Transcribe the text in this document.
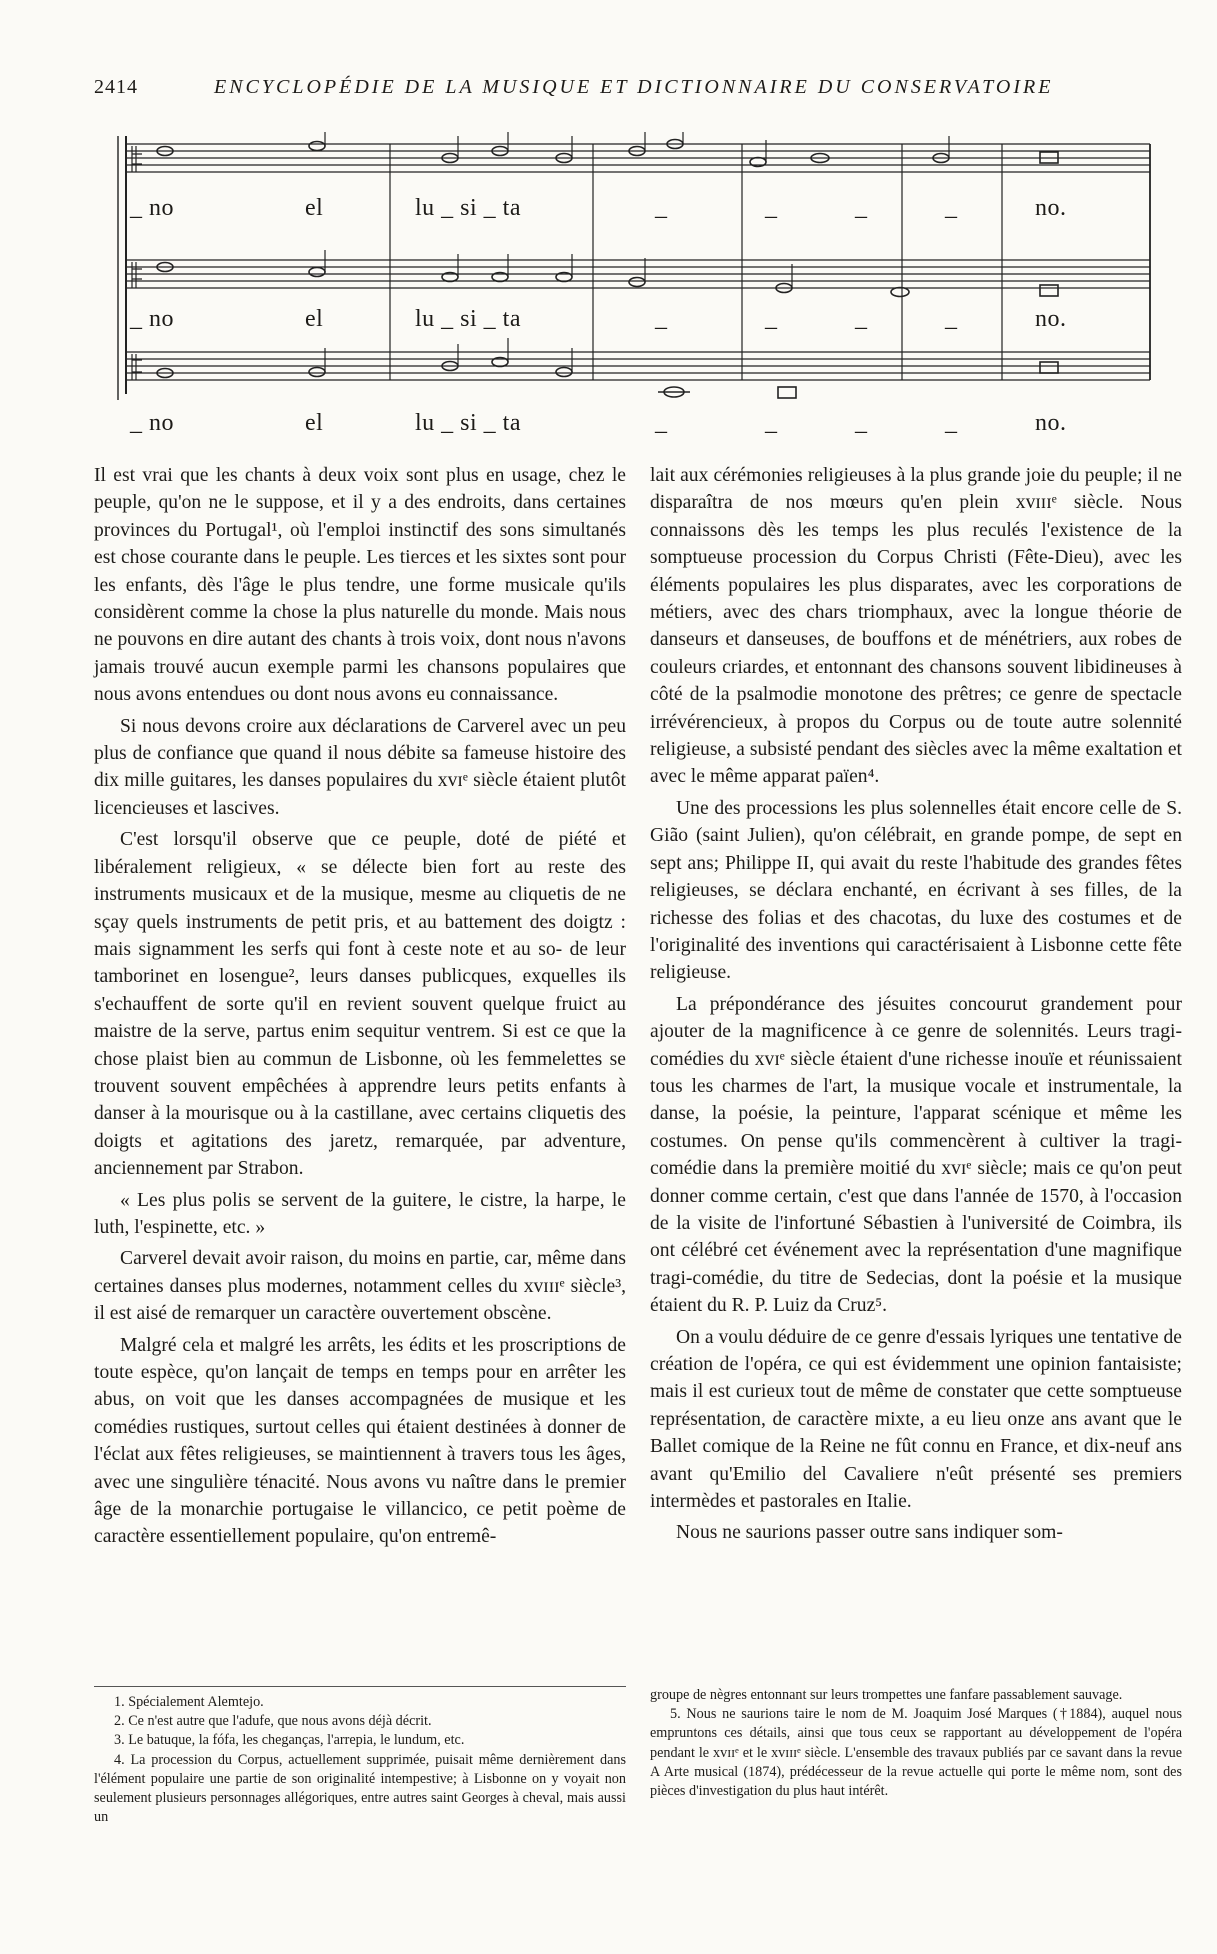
2414	ENCYCLOPÉDIE DE LA MUSIQUE ET DICTIONNAIRE DU CONSERVATOIRE
_ no	el	lu _ si _ ta	_	_	_	_	no.
_ no	el	lu _ si _ ta	_	_	_	_	no.
_ no	el	lu _ si _ ta	_	_	_	_	no.

Il est vrai que les chants à deux voix sont plus en usage, chez le peuple, qu'on ne le suppose, et il y a des endroits, dans certaines provinces du Portugal¹, où l'emploi instinctif des sons simultanés est chose courante dans le peuple. Les tierces et les sixtes sont pour les enfants, dès l'âge le plus tendre, une forme musicale qu'ils considèrent comme la chose la plus naturelle du monde. Mais nous ne pouvons en dire autant des chants à trois voix, dont nous n'avons jamais trouvé aucun exemple parmi les chansons populaires que nous avons entendues ou dont nous avons eu connaissance.

Si nous devons croire aux déclarations de Carverel avec un peu plus de confiance que quand il nous débite sa fameuse histoire des dix mille guitares, les danses populaires du xvɪᵉ siècle étaient plutôt licencieuses et lascives.

C'est lorsqu'il observe que ce peuple, doté de piété et libéralement religieux, « se délecte bien fort au reste des instruments musicaux et de la musique, mesme au cliquetis de ne sçay quels instruments de petit pris, et au battement des doigtz : mais signamment les serfs qui font à ceste note et au so- de leur tamborinet en losengue², leurs danses publicques, exquelles ils s'echauffent de sorte qu'il en revient souvent quelque fruict au maistre de la serve, partus enim sequitur ventrem. Si est ce que la chose plaist bien au commun de Lisbonne, où les femmelettes se trouvent souvent empêchées à apprendre leurs petits enfants à danser à la mourisque ou à la castillane, avec certains cliquetis des doigts et agitations des jaretz, remarquée, par adventure, anciennement par Strabon.

« Les plus polis se servent de la guitere, le cistre, la harpe, le luth, l'espinette, etc. »

Carverel devait avoir raison, du moins en partie, car, même dans certaines danses plus modernes, notamment celles du xvɪɪɪᵉ siècle³, il est aisé de remarquer un caractère ouvertement obscène.

Malgré cela et malgré les arrêts, les édits et les proscriptions de toute espèce, qu'on lançait de temps en temps pour en arrêter les abus, on voit que les danses accompagnées de musique et les comédies rustiques, surtout celles qui étaient destinées à donner de l'éclat aux fêtes religieuses, se maintiennent à travers tous les âges, avec une singulière ténacité. Nous avons vu naître dans le premier âge de la monarchie portugaise le villancico, ce petit poème de caractère essentiellement populaire, qu'on entremê-

lait aux cérémonies religieuses à la plus grande joie du peuple; il ne disparaîtra de nos mœurs qu'en plein xvɪɪɪᵉ siècle. Nous connaissons dès les temps les plus reculés l'existence de la somptueuse procession du Corpus Christi (Fête-Dieu), avec les éléments populaires les plus disparates, avec les corporations de métiers, avec des chars triomphaux, avec la longue théorie de danseurs et danseuses, de bouffons et de ménétriers, aux robes de couleurs criardes, et entonnant des chansons souvent libidineuses à côté de la psalmodie monotone des prêtres; ce genre de spectacle irrévérencieux, à propos du Corpus ou de toute autre solennité religieuse, a subsisté pendant des siècles avec la même exaltation et avec le même apparat païen⁴.

Une des processions les plus solennelles était encore celle de S. Gião (saint Julien), qu'on célébrait, en grande pompe, de sept en sept ans; Philippe II, qui avait du reste l'habitude des grandes fêtes religieuses, se déclara enchanté, en écrivant à ses filles, de la richesse des folias et des chacotas, du luxe des costumes et de l'originalité des inventions qui caractérisaient à Lisbonne cette fête religieuse.

La prépondérance des jésuites concourut grandement pour ajouter de la magnificence à ce genre de solennités. Leurs tragi-comédies du xvɪᵉ siècle étaient d'une richesse inouïe et réunissaient tous les charmes de l'art, la musique vocale et instrumentale, la danse, la poésie, la peinture, l'apparat scénique et même les costumes. On pense qu'ils commencèrent à cultiver la tragi-comédie dans la première moitié du xvɪᵉ siècle; mais ce qu'on peut donner comme certain, c'est que dans l'année de 1570, à l'occasion de la visite de l'infortuné Sébastien à l'université de Coimbra, ils ont célébré cet événement avec la représentation d'une magnifique tragi-comédie, du titre de Sedecias, dont la poésie et la musique étaient du R. P. Luiz da Cruz⁵.

On a voulu déduire de ce genre d'essais lyriques une tentative de création de l'opéra, ce qui est évidemment une opinion fantaisiste; mais il est curieux tout de même de constater que cette somptueuse représentation, de caractère mixte, a eu lieu onze ans avant que le Ballet comique de la Reine ne fût connu en France, et dix-neuf ans avant qu'Emilio del Cavaliere n'eût présenté ses premiers intermèdes et pastorales en Italie.

Nous ne saurions passer outre sans indiquer som-

1. Spécialement Alemtejo.

2. Ce n'est autre que l'adufe, que nous avons déjà décrit.

3. Le batuque, la fófa, les cheganças, l'arrepia, le lundum, etc.

4. La procession du Corpus, actuellement supprimée, puisait même dernièrement dans l'élément populaire une partie de son originalité intempestive; à Lisbonne on y voyait non seulement plusieurs personnages allégoriques, entre autres saint Georges à cheval, mais aussi un

groupe de nègres entonnant sur leurs trompettes une fanfare passablement sauvage.

5. Nous ne saurions taire le nom de M. Joaquim José Marques (†1884), auquel nous empruntons ces détails, ainsi que tous ceux se rapportant au développement de l'opéra pendant le xvɪɪᵉ et le xvɪɪɪᵉ siècle. L'ensemble des travaux publiés par ce savant dans la revue A Arte musical (1874), prédécesseur de la revue actuelle qui porte le même nom, sont des pièces d'investigation du plus haut intérêt.
